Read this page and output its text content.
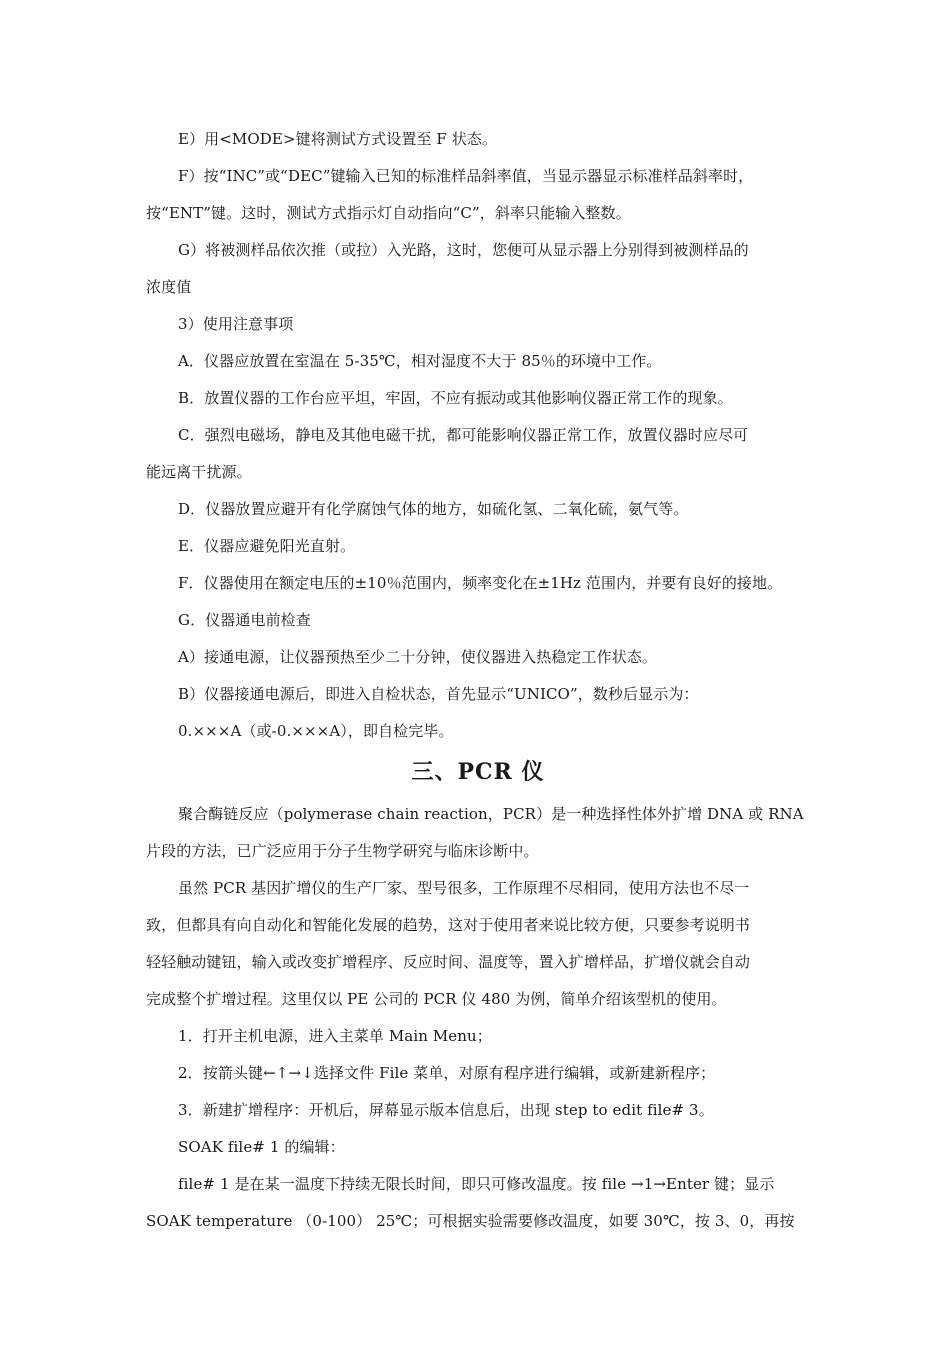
E）用<MODE>键将测试方式设置至 F 状态。
F）按“INC”或“DEC”键输入已知的标准样品斜率值，当显示器显示标准样品斜率时，
按“ENT”键。这时，测试方式指示灯自动指向“C”，斜率只能输入整数。
G）将被测样品依次推（或拉）入光路，这时，您便可从显示器上分别得到被测样品的
浓度值
3）使用注意事项
A．仪器应放置在室温在 5-35℃，相对湿度不大于 85％的环境中工作。
B．放置仪器的工作台应平坦，牢固，不应有振动或其他影响仪器正常工作的现象。
C．强烈电磁场，静电及其他电磁干扰，都可能影响仪器正常工作，放置仪器时应尽可
能远离干扰源。
D．仪器放置应避开有化学腐蚀气体的地方，如硫化氢、二氧化硫，氨气等。
E．仪器应避免阳光直射。
F．仪器使用在额定电压的±10％范围内，频率变化在±1Hz 范围内，并要有良好的接地。
G．仪器通电前检查
A）接通电源，让仪器预热至少二十分钟，使仪器进入热稳定工作状态。
B）仪器接通电源后，即进入自检状态，首先显示“UNICO”，数秒后显示为：
0.×××A（或-0.×××A），即自检完毕。
三、PCR 仪
聚合酶链反应（polymerase chain reaction，PCR）是一种选择性体外扩增 DNA 或 RNA
片段的方法，已广泛应用于分子生物学研究与临床诊断中。
虽然 PCR 基因扩增仪的生产厂家、型号很多，工作原理不尽相同，使用方法也不尽一
致，但都具有向自动化和智能化发展的趋势，这对于使用者来说比较方便，只要参考说明书
轻轻触动键钮，输入或改变扩增程序、反应时间、温度等，置入扩增样品，扩增仪就会自动
完成整个扩增过程。这里仅以 PE 公司的 PCR 仪 480 为例，简单介绍该型机的使用。
1．打开主机电源，进入主菜单 Main Menu；
2．按箭头键←↑→↓选择文件 File 菜单，对原有程序进行编辑，或新建新程序；
3．新建扩增程序：开机后，屏幕显示版本信息后，出现 step to edit file# 3。
SOAK file# 1 的编辑：
file# 1 是在某一温度下持续无限长时间，即只可修改温度。按 file →1→Enter 键；显示
SOAK temperature （0-100） 25℃；可根据实验需要修改温度，如要 30℃，按 3、0，再按
